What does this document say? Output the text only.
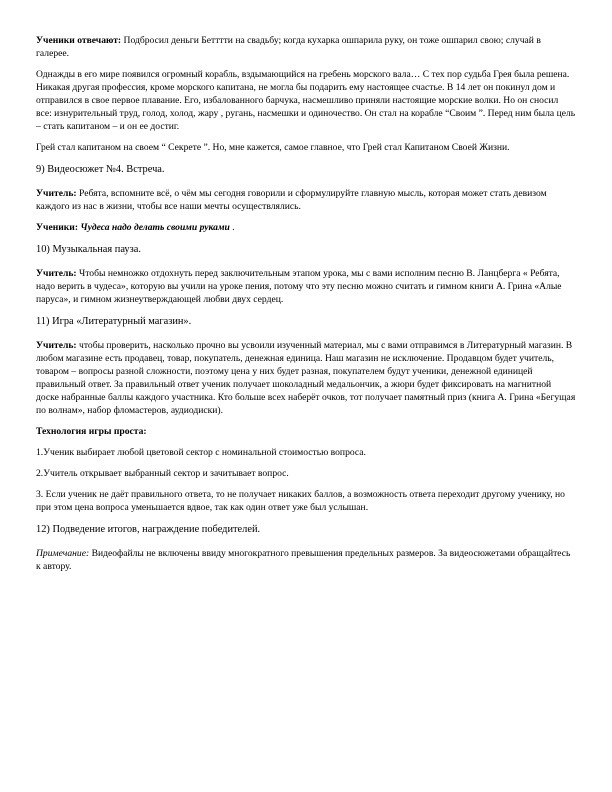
Ученики отвечают: Подбросил деньги Бетттти на свадьбу; когда кухарка ошпарила руку, он тоже ошпарил свою; случай в галерее.

Однажды в его мире появился огромный корабль, вздымающийся на гребень морского вала… С тех пор судьба Грея была решена. Никакая другая профессия, кроме морского капитана, не могла бы подарить ему настоящее счастье. В 14 лет он покинул дом и отправился в свое первое плавание. Его, избалованного барчука, насмешливо приняли настоящие морские волки. Но он сносил все: изнурительный труд, голод, холод, жару , ругань, насмешки и одиночество. Он стал на корабле “Своим ”. Перед ним была цель – стать капитаном – и он ее достиг.

Грей стал капитаном на своем “ Секрете ”. Но, мне кажется, самое главное, что Грей стал Капитаном Своей Жизни.

9) Видеосюжет №4. Встреча.

Учитель: Ребята, вспомните всё, о чём мы сегодня говорили и сформулируйте главную мысль, которая может стать девизом каждого из нас в жизни, чтобы все наши мечты осуществлялись.

Ученики: Чудеса надо делать своими руками .

10) Музыкальная пауза.

Учитель: Чтобы немножко отдохнуть перед заключительным этапом урока, мы с вами исполним песню В. Ланцберга « Ребята, надо верить в чудеса», которую вы учили на уроке пения, потому что эту песню можно считать и гимном книги А. Грина «Алые паруса», и гимном жизнеутверждающей любви двух сердец.

11) Игра «Литературный магазин».

Учитель: чтобы проверить, насколько прочно вы усвоили изученный материал, мы с вами отправимся в Литературный магазин. В любом магазине есть продавец, товар, покупатель, денежная единица. Наш магазин не исключение. Продавцом будет учитель, товаром – вопросы разной сложности, поэтому цена у них будет разная, покупателем будут ученики, денежной единицей правильный ответ. За правильный ответ ученик получает шоколадный медальончик, а жюри будет фиксировать на магнитной доске набранные баллы каждого участника. Кто больше всех наберёт очков, тот получает памятный приз (книга А. Грина «Бегущая по волнам», набор фломастеров, аудиодиски).

Технология игры проста:

1.Ученик выбирает любой цветовой сектор с номинальной стоимостью вопроса.

2.Учитель открывает выбранный сектор и зачитывает вопрос.

3. Если ученик не даёт правильного ответа, то не получает никаких баллов, а возможность ответа переходит другому ученику, но при этом цена вопроса уменьшается вдвое, так как один ответ уже был услышан.

12) Подведение итогов, награждение победителей.

Примечание: Видеофайлы не включены ввиду многократного превышения предельных размеров. За видеосюжетами обращайтесь к автору.
